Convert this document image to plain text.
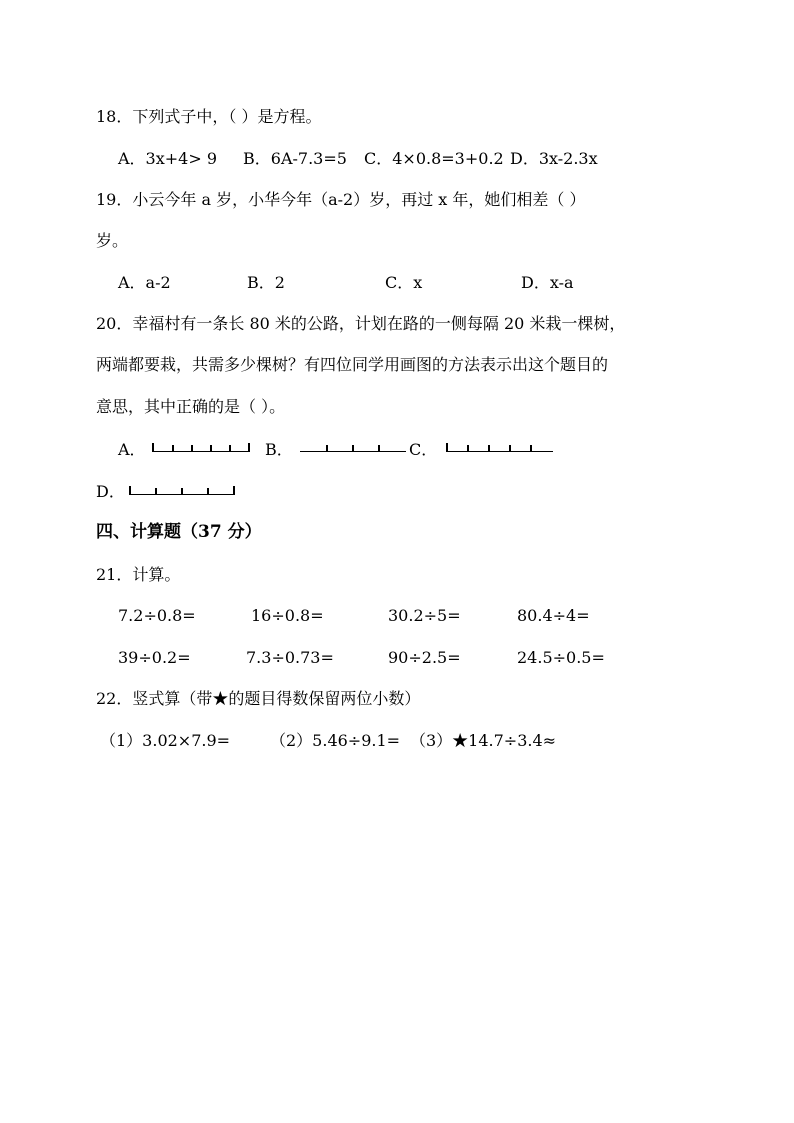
18．下列式子中，（ ）是方程。
A．3x+4> 9 B．6A-7.3=5 C．4×0.8=3+0.2 D．3x-2.3x
19．小云今年 a 岁，小华今年（a-2）岁，再过 x 年，她们相差（ ）
岁。
A．a-2	B．2	C．x	D．x-a
20．幸福村有一条长 80 米的公路，计划在路的一侧每隔 20 米栽一棵树，
两端都要栽，共需多少棵树？有四位同学用画图的方法表示出这个题目的
意思，其中正确的是（ ）。
A．	B．	C．
D．
四、计算题（37 分）
21．计算。
7.2÷0.8=	16÷0.8=	30.2÷5=	80.4÷4=
39÷0.2=	7.3÷0.73=	90÷2.5=	24.5÷0.5=
22．竖式算（带★的题目得数保留两位小数）
（1）3.02×7.9= （2）5.46÷9.1= （3）★14.7÷3.4≈
